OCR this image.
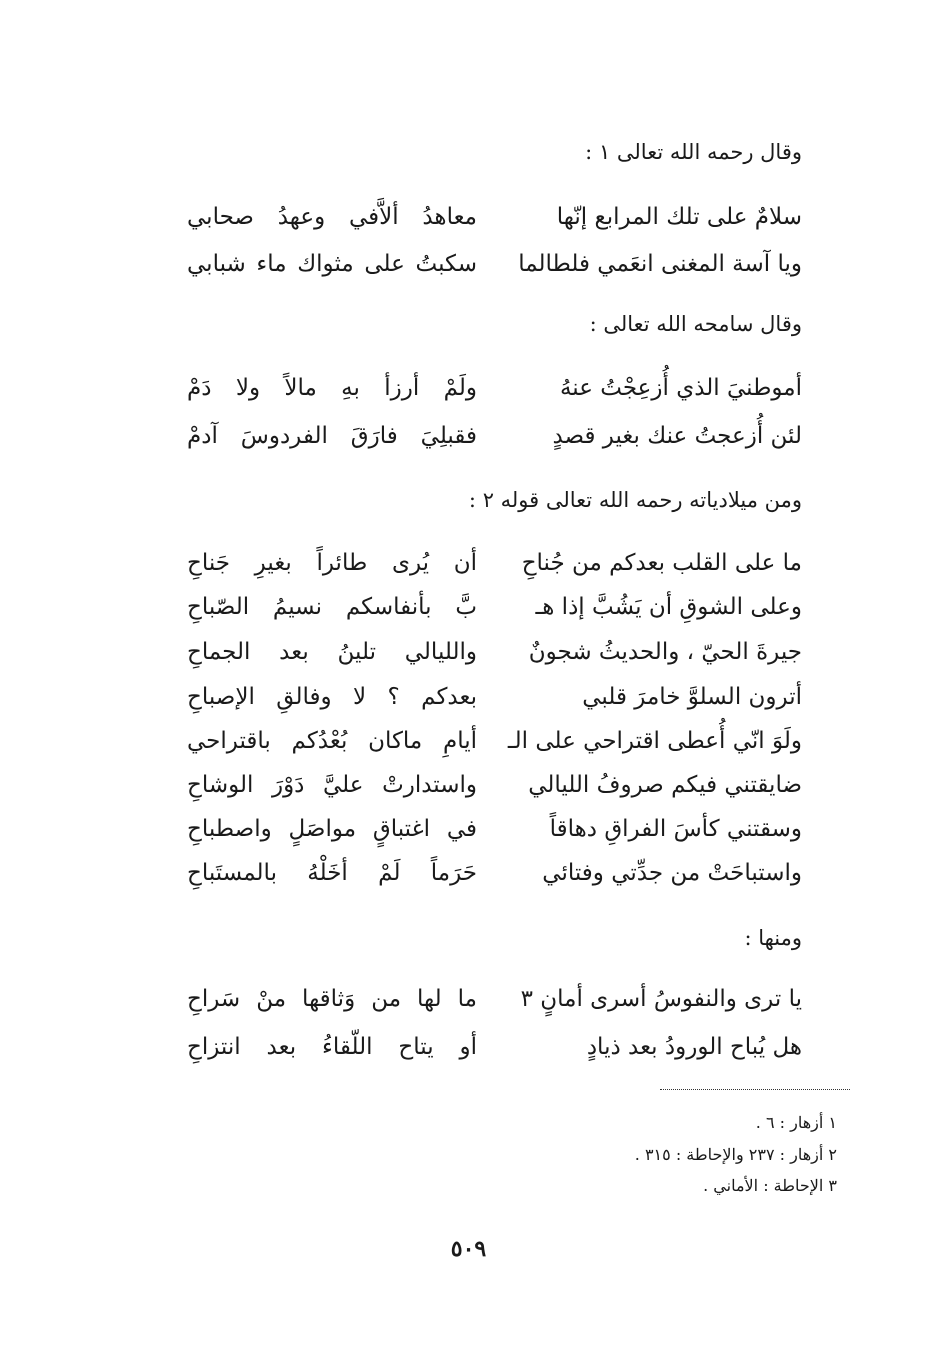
وقال رحمه الله تعالى ١ :
سلامٌ على تلك المرابع إنّها
معاهدُ ألاَّفي وعهدُ صحابي
ويا آسة المغنى انعَمي فلطالما
سكبتُ على مثواك ماء شبابي
وقال سامحه الله تعالى :
أموطنيَ الذي أُزعِجْتُ عنهُ
ولَمْ أرزأ بهِ مالاً ولا دَمْ
لئن أُزعجتُ عنك بغير قصدٍ
فقبلِيَ فارَقَ الفردوسَ آدمْ
ومن ميلادياته رحمه الله تعالى قوله ٢ :
ما على القلب بعدكم من جُناحِ
أن يُرى طائراً بغيرِ جَناحِ
وعلى الشوقِ أن يَشُبَّ إذا هـ
بَّ بأنفاسكم نسيمُ الصّباحِ
جيرةَ الحيّ ، والحديثُ شجونٌ
والليالي تلينُ بعد الجماحِ
أترون السلوَّ خامرَ قلبي
بعدكم ؟ لا وفالقِ الإصباحِ
ولَوَ انّي أُعطى اقتراحي على الـ
أيامِ ماكان بُعْدُكم باقتراحي
ضايقتني فيكم صروفُ الليالي
واستدارتْ عليَّ دَوْرَ الوشاحِ
وسقتني كأسَ الفراقِ دهاقاً
في اغتباقٍ مواصَلٍ واصطباحِ
واستباحَتْ من جدِّتي وفتائي
حَرَماً لَمْ أخَلْهُ بالمستَباحِ
ومنها :
يا ترى والنفوسُ أسرى أمانٍ ٣
ما لها من وَثاقها منْ سَراحِ
هل يُباح الورودُ بعد ذيادٍ
أو يتاح اللّقاءُ بعد انتزاحِ
١ أزهار : ٦ .
٢ أزهار : ٢٣٧ والإحاطة : ٣١٥ .
٣ الإحاطة : الأماني .
٥٠٩
